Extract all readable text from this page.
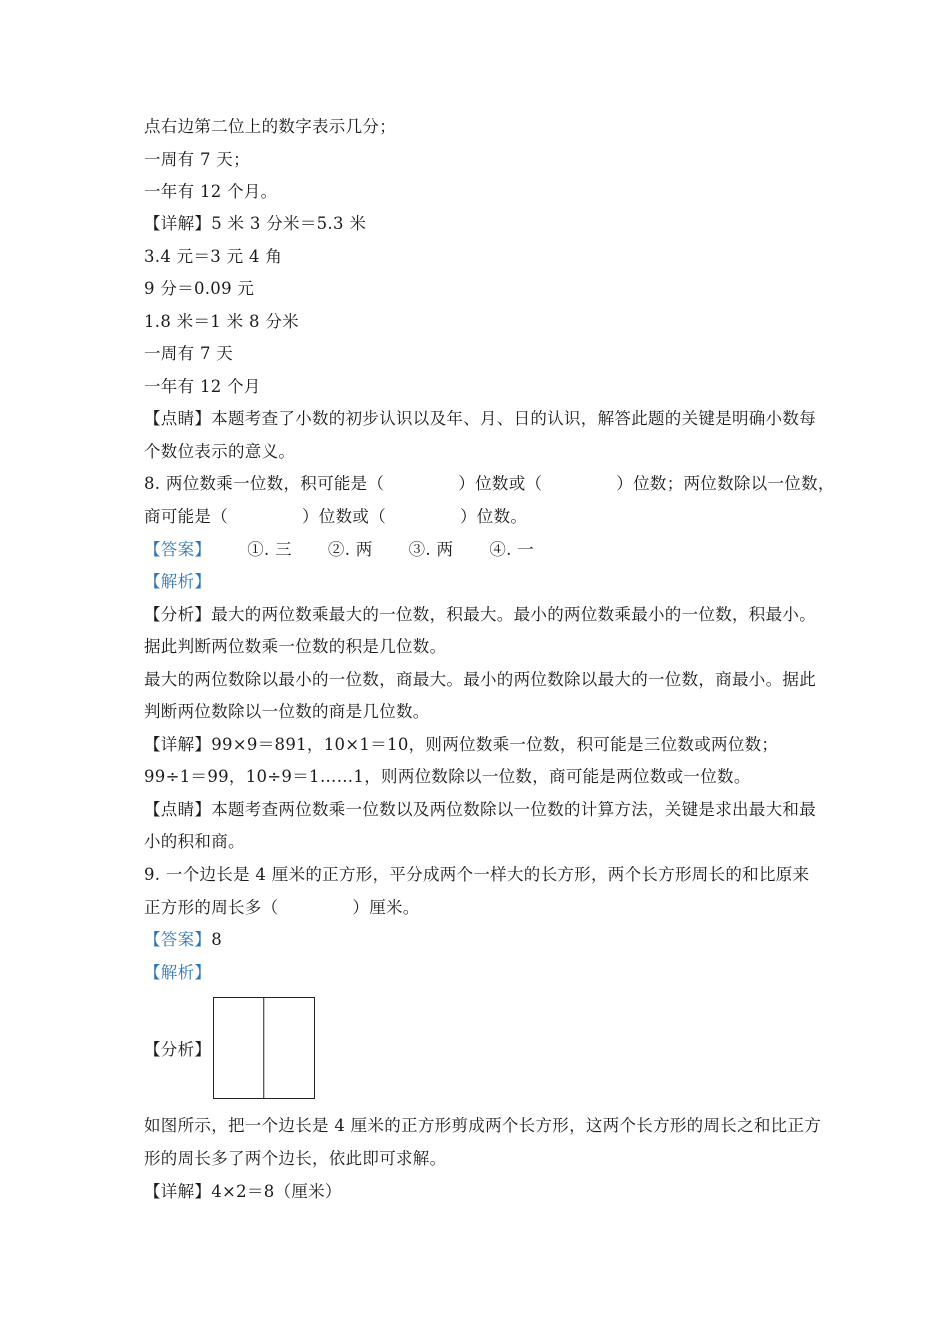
点右边第二位上的数字表示几分；
一周有 7 天；
一年有 12 个月。
【详解】5 米 3 分米＝5.3 米
3.4 元＝3 元 4 角
9 分＝0.09 元
1.8 米＝1 米 8 分米
一周有 7 天
一年有 12 个月
【点睛】本题考查了小数的初步认识以及年、月、日的认识，解答此题的关键是明确小数每
个数位表示的意义。
8. 两位数乘一位数，积可能是（	）位数或（	）位数；两位数除以一位数，
商可能是（	）位数或（	）位数。
【答案】 ①. 三 ②. 两 ③. 两 ④. 一
【解析】
【分析】最大的两位数乘最大的一位数，积最大。最小的两位数乘最小的一位数，积最小。
据此判断两位数乘一位数的积是几位数。
最大的两位数除以最小的一位数，商最大。最小的两位数除以最大的一位数，商最小。据此
判断两位数除以一位数的商是几位数。
【详解】99×9＝891，10×1＝10，则两位数乘一位数，积可能是三位数或两位数；
99÷1＝99，10÷9＝1……1，则两位数除以一位数，商可能是两位数或一位数。
【点睛】本题考查两位数乘一位数以及两位数除以一位数的计算方法，关键是求出最大和最
小的积和商。
9. 一个边长是 4 厘米的正方形，平分成两个一样大的长方形，两个长方形周长的和比原来
正方形的周长多（	）厘米。
【答案】8
【解析】
【分析】
如图所示，把一个边长是 4 厘米的正方形剪成两个长方形，这两个长方形的周长之和比正方
形的周长多了两个边长，依此即可求解。
【详解】4×2＝8（厘米）
